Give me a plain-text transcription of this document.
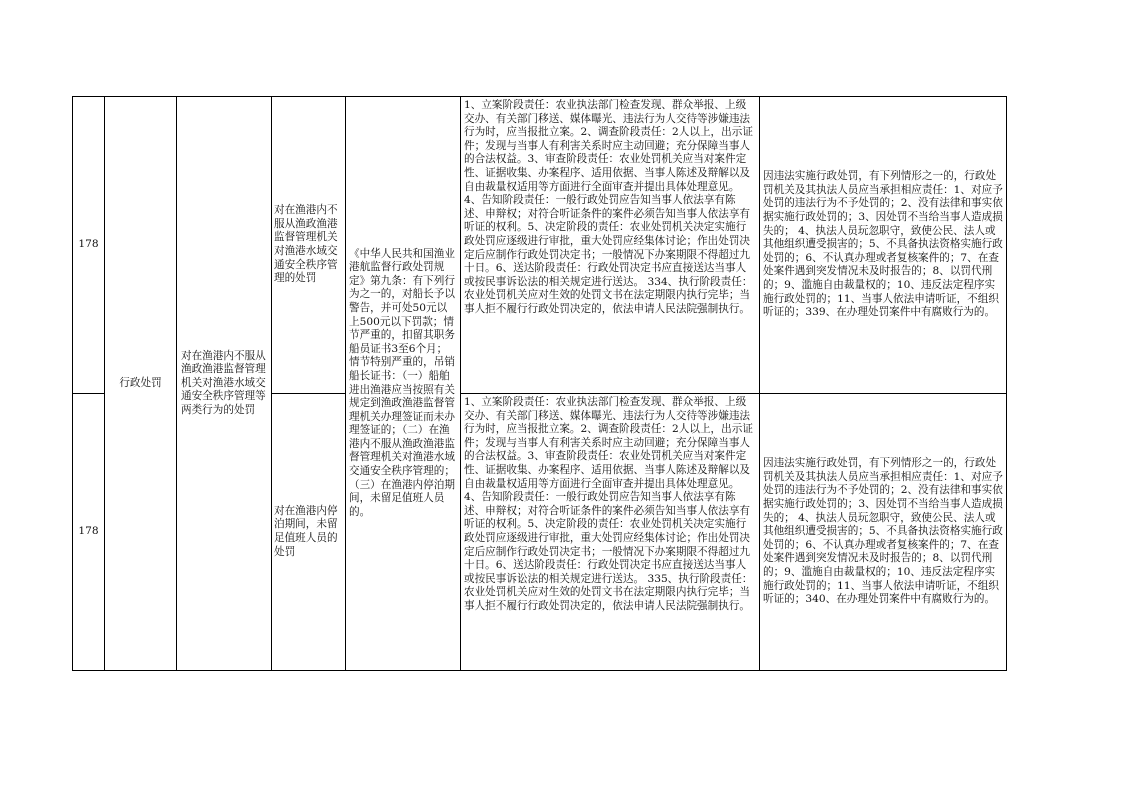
178
178
行政处罚
对在渔港内不服从渔政渔港监督管理机关对渔港水域交通安全秩序管理等两类行为的处罚
对在渔港内不服从渔政渔港监督管理机关对渔港水域交通安全秩序管理的处罚
对在渔港内停泊期间，未留足值班人员的处罚
《中华人民共和国渔业港航监督行政处罚规定》第九条：有下列行为之一的，对船长予以警告，并可处50元以上500元以下罚款；情节严重的，扣留其职务船员证书3至6个月；情节特别严重的，吊销船长证书：（一）船舶进出渔港应当按照有关规定到渔政渔港监督管理机关办理签证而未办理签证的；（二）在渔港内不服从渔政渔港监督管理机关对渔港水域交通安全秩序管理的；（三）在渔港内停泊期间，未留足值班人员的。
1、立案阶段责任：农业执法部门检查发现、群众举报、上级交办、有关部门移送、媒体曝光、违法行为人交待等涉嫌违法行为时，应当报批立案。2、调查阶段责任：2人以上，出示证件；发现与当事人有利害关系时应主动回避；充分保障当事人的合法权益。3、审查阶段责任：农业处罚机关应当对案件定性、证据收集、办案程序、适用依据、当事人陈述及辩解以及自由裁量权适用等方面进行全面审查并提出具体处理意见。4、告知阶段责任：一般行政处罚应告知当事人依法享有陈述、申辩权；对符合听证条件的案件必须告知当事人依法享有听证的权利。5、决定阶段的责任：农业处罚机关决定实施行政处罚应逐级进行审批，重大处罚应经集体讨论；作出处罚决定后应制作行政处罚决定书；一般情况下办案期限不得超过九十日。6、送达阶段责任：行政处罚决定书应直接送达当事人或按民事诉讼法的相关规定进行送达。 334、执行阶段责任：农业处罚机关应对生效的处罚文书在法定期限内执行完毕；当事人拒不履行行政处罚决定的，依法申请人民法院强制执行。
1、立案阶段责任：农业执法部门检查发现、群众举报、上级交办、有关部门移送、媒体曝光、违法行为人交待等涉嫌违法行为时，应当报批立案。2、调查阶段责任：2人以上，出示证件；发现与当事人有利害关系时应主动回避；充分保障当事人的合法权益。3、审查阶段责任：农业处罚机关应当对案件定性、证据收集、办案程序、适用依据、当事人陈述及辩解以及自由裁量权适用等方面进行全面审查并提出具体处理意见。4、告知阶段责任：一般行政处罚应告知当事人依法享有陈述、申辩权；对符合听证条件的案件必须告知当事人依法享有听证的权利。5、决定阶段的责任：农业处罚机关决定实施行政处罚应逐级进行审批，重大处罚应经集体讨论；作出处罚决定后应制作行政处罚决定书；一般情况下办案期限不得超过九十日。6、送达阶段责任：行政处罚决定书应直接送达当事人或按民事诉讼法的相关规定进行送达。 335、执行阶段责任：农业处罚机关应对生效的处罚文书在法定期限内执行完毕；当事人拒不履行行政处罚决定的，依法申请人民法院强制执行。
因违法实施行政处罚，有下列情形之一的，行政处罚机关及其执法人员应当承担相应责任：1、对应予处罚的违法行为不予处罚的；2、没有法律和事实依据实施行政处罚的；3、因处罚不当给当事人造成损失的； 4、执法人员玩忽职守，致使公民、法人或其他组织遭受损害的；5、不具备执法资格实施行政处罚的；6、不认真办理或者复核案件的；7、在查处案件遇到突发情况未及时报告的；8、以罚代刑的；9、滥施自由裁量权的；10、违反法定程序实施行政处罚的；11、当事人依法申请听证，不组织听证的；339、在办理处罚案件中有腐败行为的。
因违法实施行政处罚，有下列情形之一的，行政处罚机关及其执法人员应当承担相应责任：1、对应予处罚的违法行为不予处罚的；2、没有法律和事实依据实施行政处罚的；3、因处罚不当给当事人造成损失的； 4、执法人员玩忽职守，致使公民、法人或其他组织遭受损害的；5、不具备执法资格实施行政处罚的；6、不认真办理或者复核案件的；7、在查处案件遇到突发情况未及时报告的；8、以罚代刑的；9、滥施自由裁量权的；10、违反法定程序实施行政处罚的；11、当事人依法申请听证，不组织听证的；340、在办理处罚案件中有腐败行为的。
